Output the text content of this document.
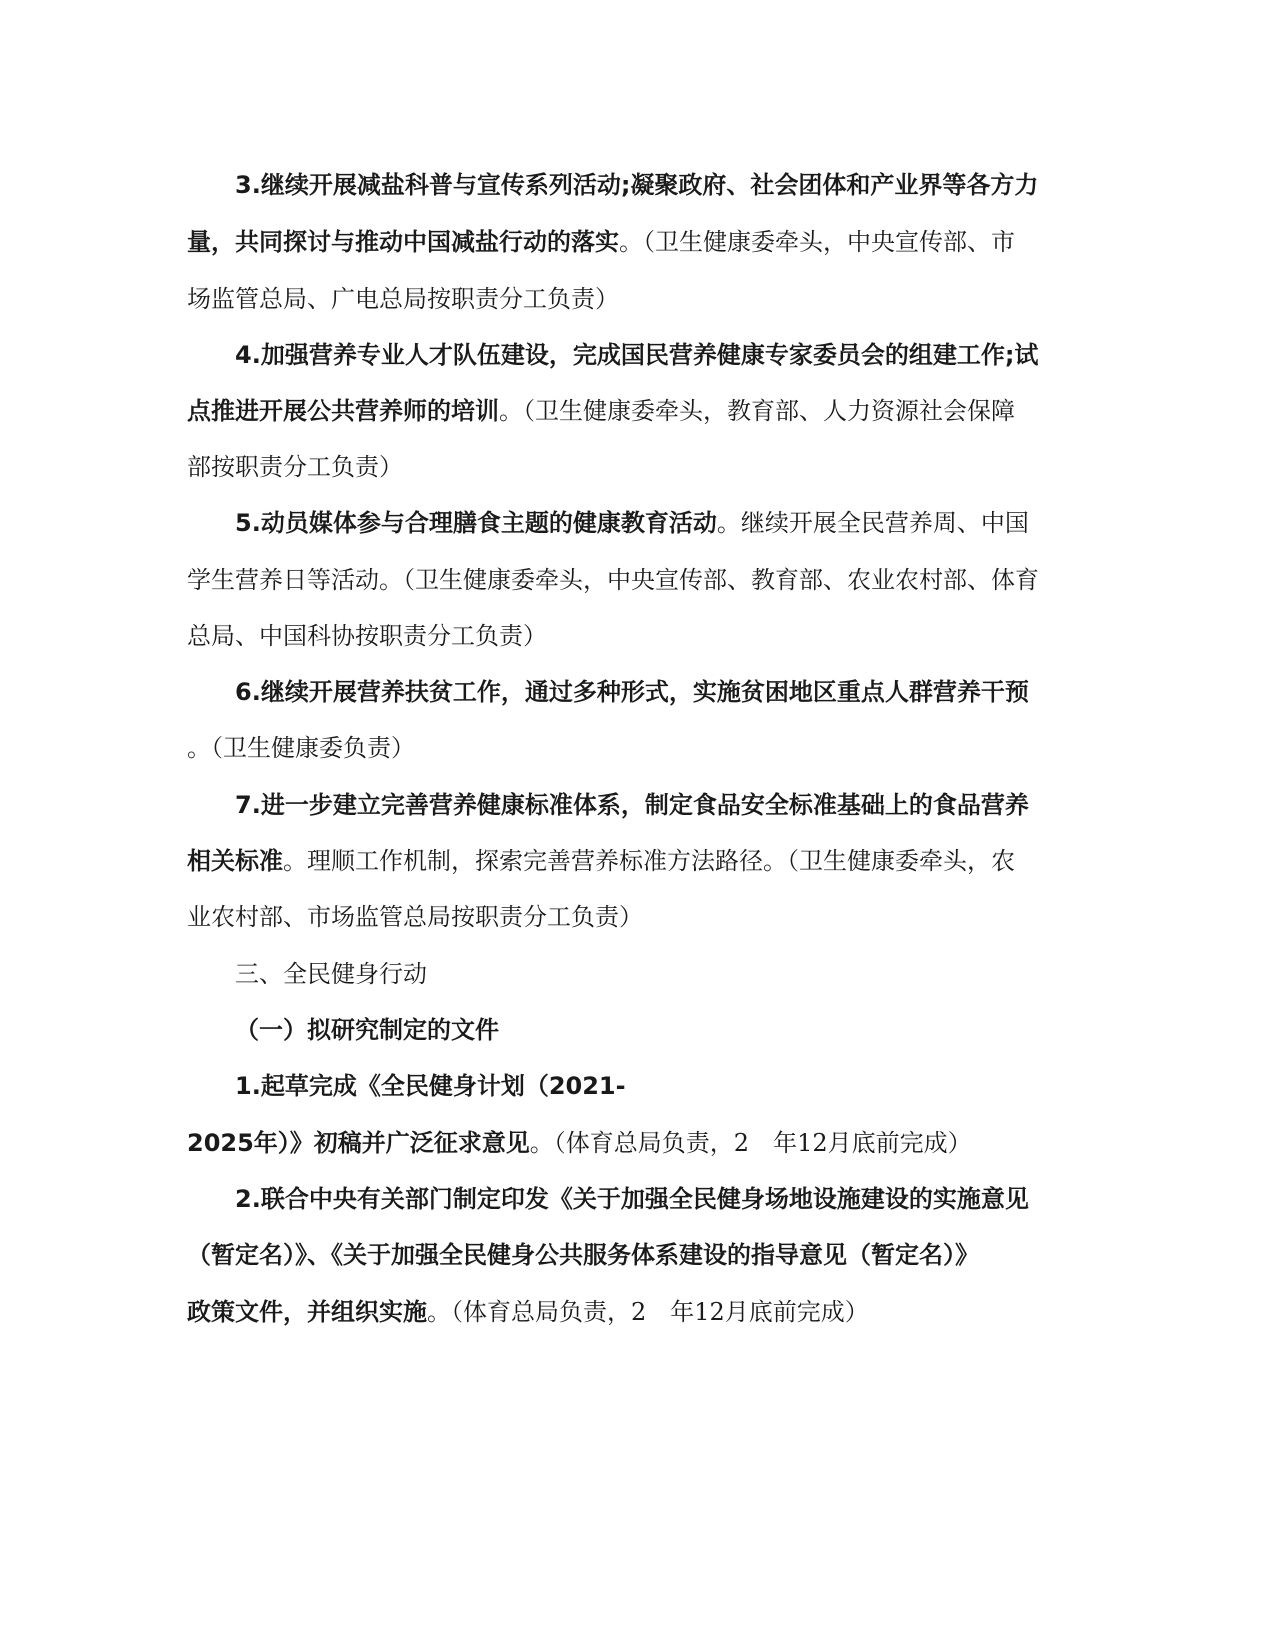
3.继续开展减盐科普与宣传系列活动;凝聚政府、社会团体和产业界等各方力
量，共同探讨与推动中国减盐行动的落实。（卫生健康委牵头，中央宣传部、市
场监管总局、广电总局按职责分工负责）
4.加强营养专业人才队伍建设，完成国民营养健康专家委员会的组建工作;试
点推进开展公共营养师的培训。（卫生健康委牵头，教育部、人力资源社会保障
部按职责分工负责）
5.动员媒体参与合理膳食主题的健康教育活动。继续开展全民营养周、中国
学生营养日等活动。（卫生健康委牵头，中央宣传部、教育部、农业农村部、体育
总局、中国科协按职责分工负责）
6.继续开展营养扶贫工作，通过多种形式，实施贫困地区重点人群营养干预
。（卫生健康委负责）
7.进一步建立完善营养健康标准体系，制定食品安全标准基础上的食品营养
相关标准。理顺工作机制，探索完善营养标准方法路径。（卫生健康委牵头，农
业农村部、市场监管总局按职责分工负责）
三、全民健身行动
（一）拟研究制定的文件
1.起草完成《全民健身计划（2021-
2025年）》初稿并广泛征求意见。（体育总局负责，2　年12月底前完成）
2.联合中央有关部门制定印发《关于加强全民健身场地设施建设的实施意见
（暂定名）》、《关于加强全民健身公共服务体系建设的指导意见（暂定名）》
政策文件，并组织实施。（体育总局负责，2　年12月底前完成）
